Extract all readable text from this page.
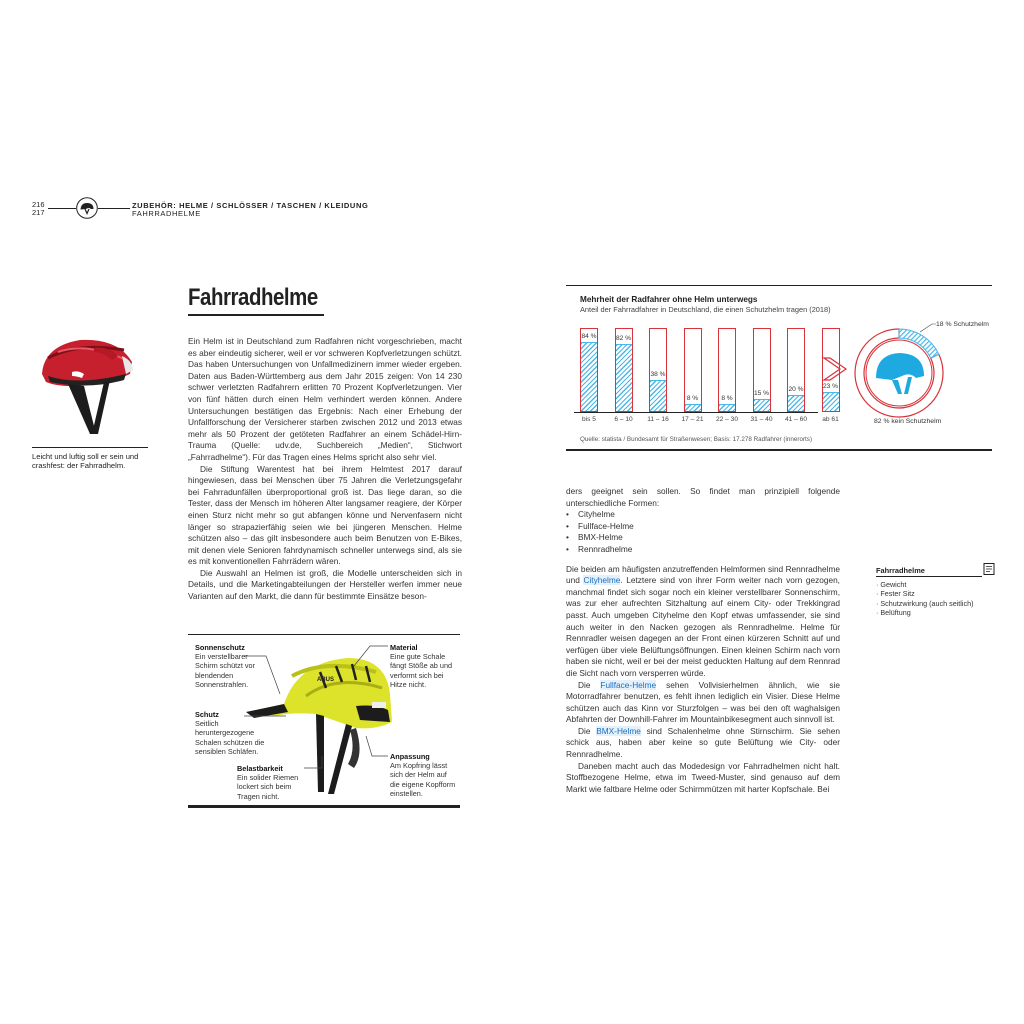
216
217
ZUBEHÖR: HELME / SCHLÖSSER / TASCHEN / KLEIDUNG
FAHRRADHELME
Fahrradhelme
Leicht und luftig soll er sein und crashfest: der Fahrradhelm.

Ein Helm ist in Deutschland zum Radfahren nicht vorgeschrieben, macht es aber eindeutig sicherer, weil er vor schweren Kopfverletzungen schützt. Das haben Untersuchungen von Unfallmedizinern immer wieder ergeben. Daten aus Baden-Württemberg aus dem Jahr 2015 zeigen: Von 14 230 schwer verletzten Radfahrern erlitten 70 Prozent Kopfverletzungen. Vier von fünf hätten durch einen Helm verhindert werden können. Andere Untersuchungen bestätigen das Ergebnis: Nach einer Erhebung der Unfallforschung der Versicherer starben zwischen 2012 und 2013 etwas mehr als 50 Prozent der getöteten Radfahrer an einem Schädel-Hirn-Trauma (Quelle: udv.de, Suchbereich „Medien“, Stichwort „Fahrradhelme“). Für das Tragen eines Helms spricht also sehr viel.

Die Stiftung Warentest hat bei ihrem Helmtest 2017 darauf hingewiesen, dass bei Menschen über 75 Jahren die Verletzungsgefahr bei Fahrradunfällen überproportional groß ist. Das liege daran, so die Tester, dass der Mensch im höheren Alter langsamer reagiere, der Körper einen Sturz nicht mehr so gut abfangen könne und Nervenfasern nicht länger so strapazierfähig seien wie bei jüngeren Menschen. Helme schützen also – das gilt insbesondere auch beim Benutzen von E-Bikes, mit denen viele Senioren fahrdynamisch schneller unterwegs sind, als sie es mit konventionellen Fahrrädern wären.

Die Auswahl an Helmen ist groß, die Modelle unterscheiden sich in Details, und die Marketingabteilungen der Hersteller werfen immer neue Varianten auf den Markt, die dann für bestimmte Einsätze beson-

ABUS
Sonnenschutz
Ein verstellbarer Schirm schützt vor blendenden Sonnenstrahlen.
Schutz
Seitlich heruntergezogene Schalen schützen die sensiblen Schläfen.
Belastbarkeit
Ein solider Riemen lockert sich beim Tragen nicht.
Material
Eine gute Schale fängt Stöße ab und verformt sich bei Hitze nicht.
Anpassung
Am Kopfring lässt sich der Helm auf die eigene Kopfform einstellen.
Mehrheit der Radfahrer ohne Helm unterwegs
Anteil der Fahrradfahrer in Deutschland, die einen Schutzhelm tragen (2018)
84 %
bis 5
82 %
6 – 10
38 %
11 – 16
8 %
17 – 21
8 %
22 – 30
15 %
31 – 40
20 %
41 – 60
23 %
ab 61
18 % Schutzhelm
82 % kein Schutzhelm
Quelle: statista / Bundesamt für Straßenwesen; Basis: 17.278 Radfahrer (innerorts)

ders geeignet sein sollen. So findet man prinzipiell folgende unterschiedliche Formen:

• Cityhelme
• Fullface-Helme
• BMX-Helme
• Rennradhelme

Die beiden am häufigsten anzutreffenden Helmformen sind Rennradhelme und Cityhelme. Letztere sind von ihrer Form weiter nach vorn gezogen, manchmal findet sich sogar noch ein kleiner verstellbarer Sonnenschirm, was zur eher aufrechten Sitzhaltung auf einem City- oder Trekkingrad passt. Auch umgeben Cityhelme den Kopf etwas umfassender, sie sind auch weiter in den Nacken gezogen als Rennradhelme. Helme für Rennradler weisen dagegen an der Front einen kürzeren Schnitt auf und verfügen über viele Belüftungsöffnungen. Einen kleinen Schirm nach vorn haben sie nicht, weil er bei der meist geduckten Haltung auf dem Rennrad die Sicht nach vorn versperren würde.

Die Fullface-Helme sehen Vollvisierhelmen ähnlich, wie sie Motorradfahrer benutzen, es fehlt ihnen lediglich ein Visier. Diese Helme schützen auch das Kinn vor Sturzfolgen – was bei den oft waghalsigen Abfahrten der Downhill-Fahrer im Mountainbikesegment auch sinnvoll ist.

Die BMX-Helme sind Schalenhelme ohne Stirnschirm. Sie sehen schick aus, haben aber keine so gute Belüftung wie City- oder Rennradhelme.

Daneben macht auch das Modedesign vor Fahrradhelmen nicht halt. Stoffbezogene Helme, etwa im Tweed-Muster, sind genauso auf dem Markt wie faltbare Helme oder Schirmmützen mit harter Kopfschale. Bei

Fahrradhelme
· Gewicht
· Fester Sitz
· Schutzwirkung (auch seitlich)
· Belüftung
